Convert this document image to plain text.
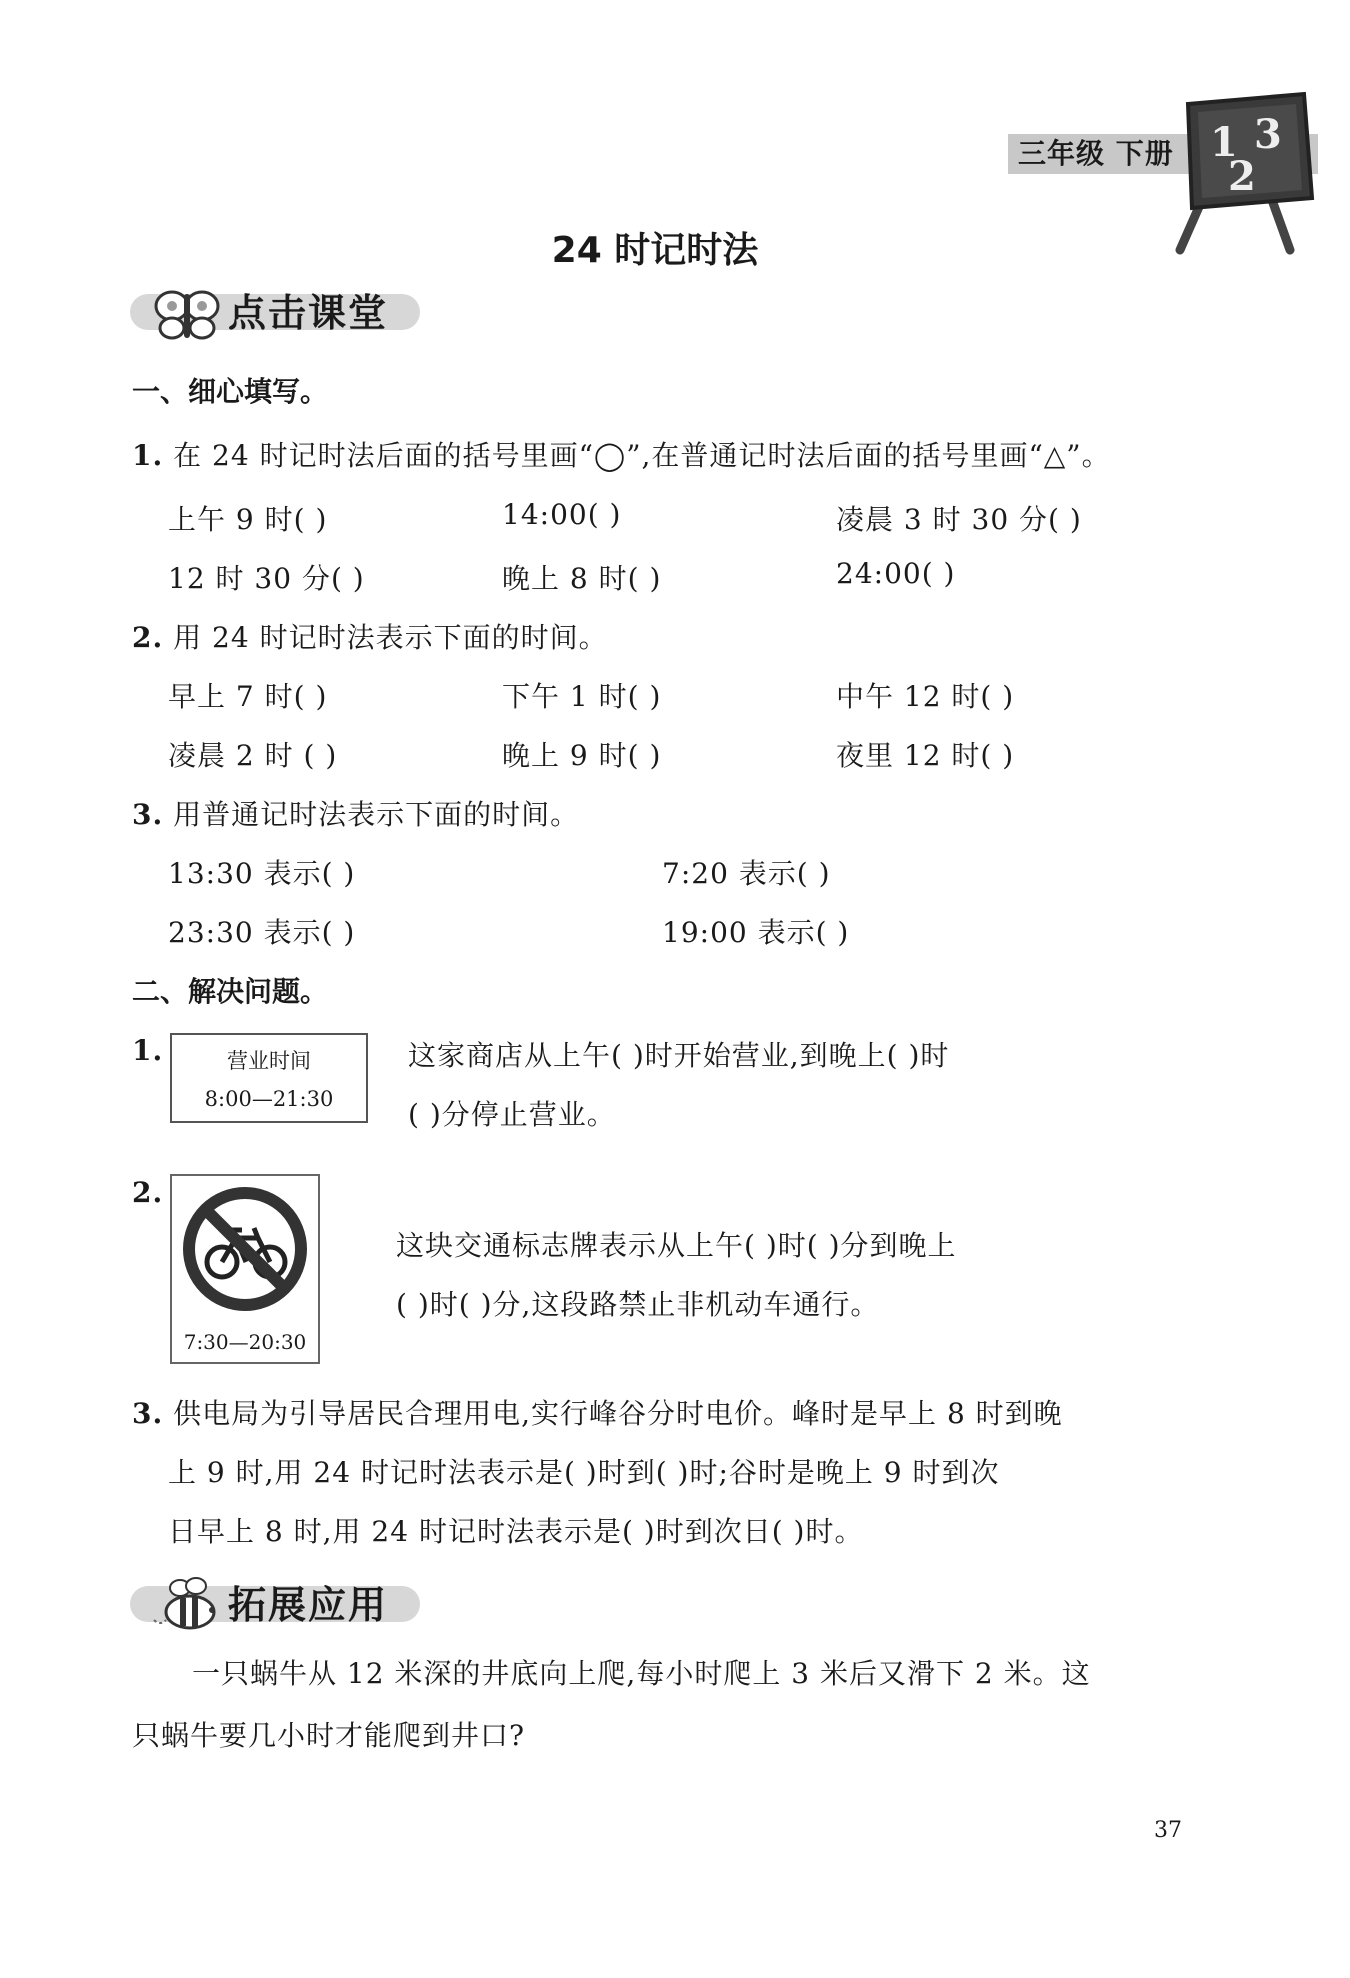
三年级 下册 1 3
2
24 时记时法
点击课堂
一、细心填写。
1. 在 24 时记时法后面的括号里画“◯”,在普通记时法后面的括号里画“△”。
上午 9 时( )	14:00( )	凌晨 3 时 30 分( )
12 时 30 分( )	晚上 8 时( )	24:00( )
2. 用 24 时记时法表示下面的时间。
早上 7 时( )	下午 1 时( )	中午 12 时( )
凌晨 2 时 ( )	晚上 9 时( )	夜里 12 时( )
3. 用普通记时法表示下面的时间。
13:30 表示( )	7:20 表示( )
23:30 表示( )	19:00 表示( )
二、解决问题。
1.	营业时间
8:00—21:30
这家商店从上午( )时开始营业,到晚上( )时
( )分停止营业。
2.
7:30—20:30
这块交通标志牌表示从上午( )时( )分到晚上
( )时( )分,这段路禁止非机动车通行。
3. 供电局为引导居民合理用电,实行峰谷分时电价。峰时是早上 8 时到晚
上 9 时,用 24 时记时法表示是( )时到( )时;谷时是晚上 9 时到次
日早上 8 时,用 24 时记时法表示是( )时到次日( )时。
拓展应用
一只蜗牛从 12 米深的井底向上爬,每小时爬上 3 米后又滑下 2 米。这
只蜗牛要几小时才能爬到井口?
37
